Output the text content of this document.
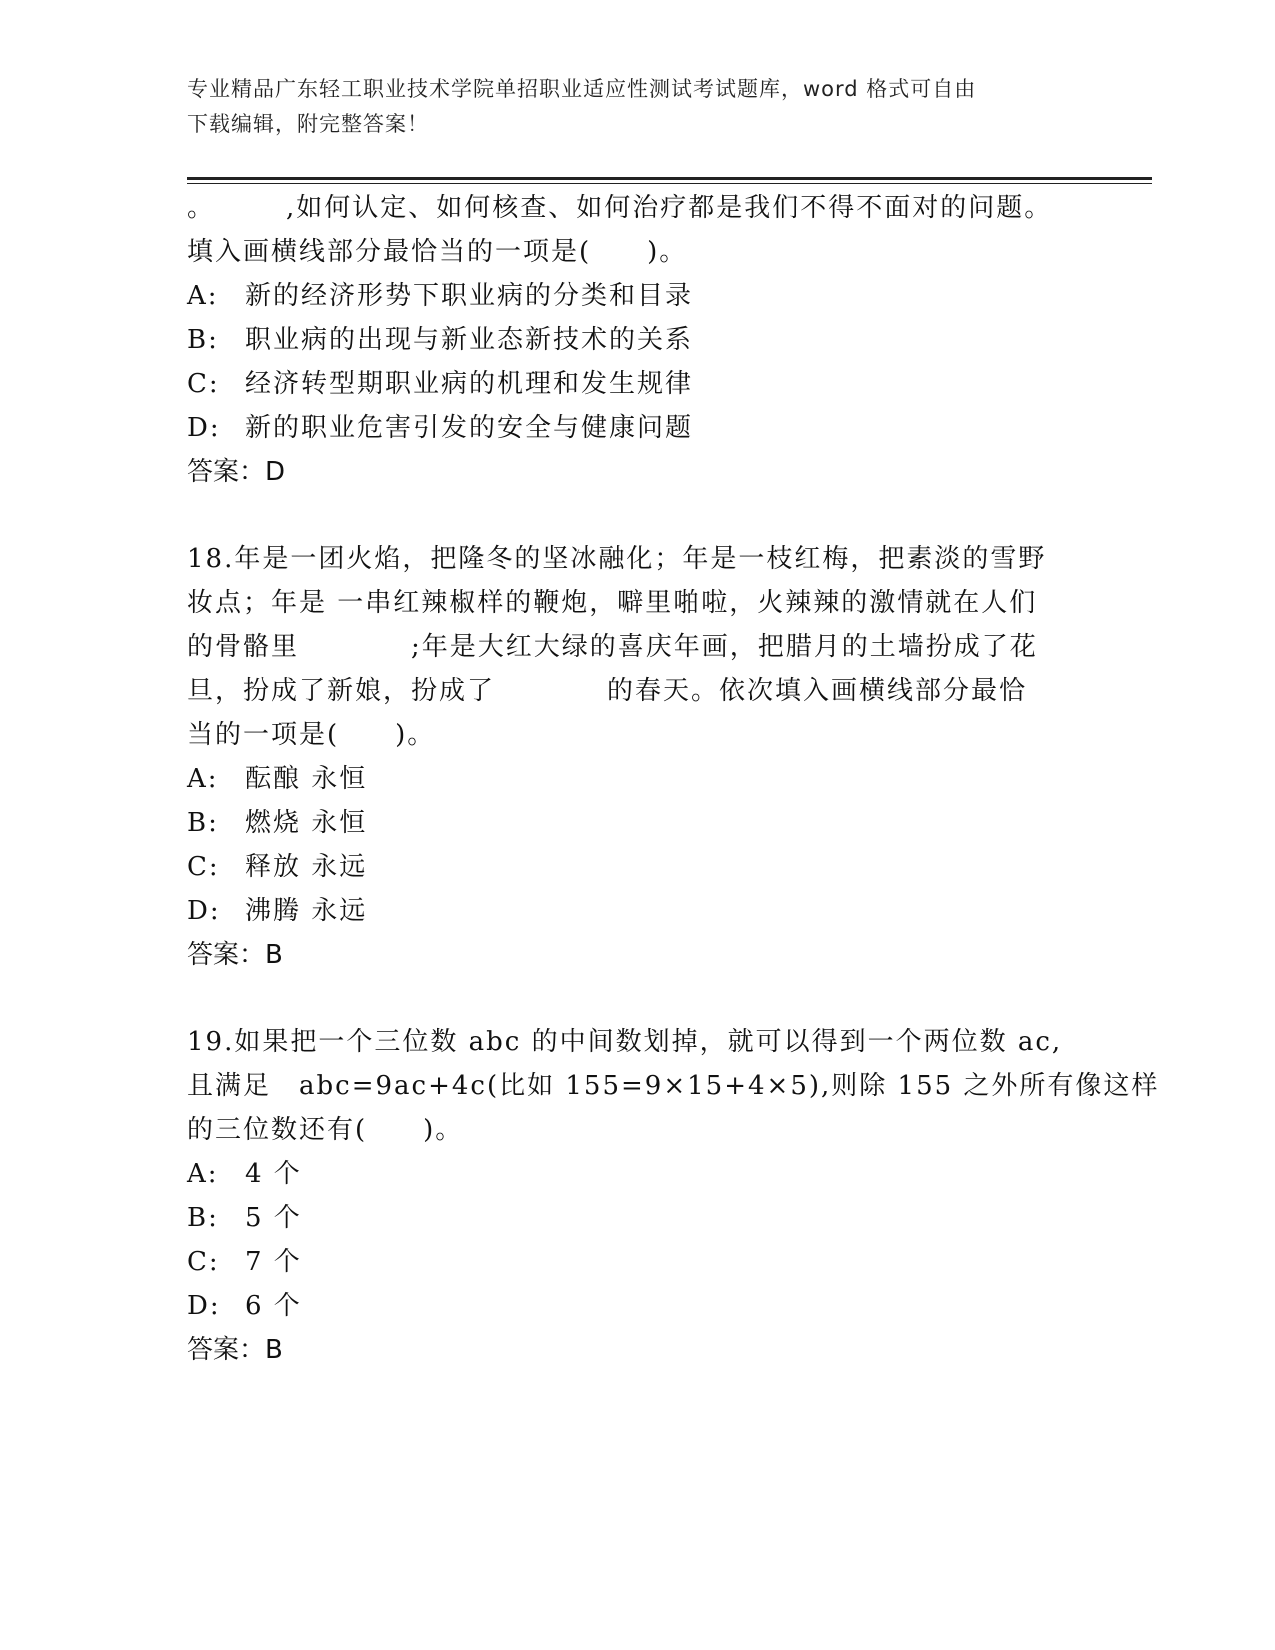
专业精品广东轻工职业技术学院单招职业适应性测试考试题库，word 格式可自由
下载编辑，附完整答案！
。　　　,如何认定、如何核查、如何治疗都是我们不得不面对的问题。
填入画横线部分最恰当的一项是(　　)。
A: 新的经济形势下职业病的分类和目录
B: 职业病的出现与新业态新技术的关系
C: 经济转型期职业病的机理和发生规律
D: 新的职业危害引发的安全与健康问题
答案：D
18.年是一团火焰，把隆冬的坚冰融化；年是一枝红梅，把素淡的雪野
妆点；年是 一串红辣椒样的鞭炮，噼里啪啦，火辣辣的激情就在人们
的骨骼里　　　　;年是大红大绿的喜庆年画，把腊月的土墙扮成了花
旦，扮成了新娘，扮成了　　　　的春天。依次填入画横线部分最恰
当的一项是(　　)。
A: 酝酿 永恒
B: 燃烧 永恒
C: 释放 永远
D: 沸腾 永远
答案：B
19.如果把一个三位数 abc 的中间数划掉，就可以得到一个两位数 ac,
且满足　abc=9ac+4c(比如 155=9×15+4×5),则除 155 之外所有像这样
的三位数还有(　　)。
A: 4 个
B: 5 个
C: 7 个
D: 6 个
答案：B
